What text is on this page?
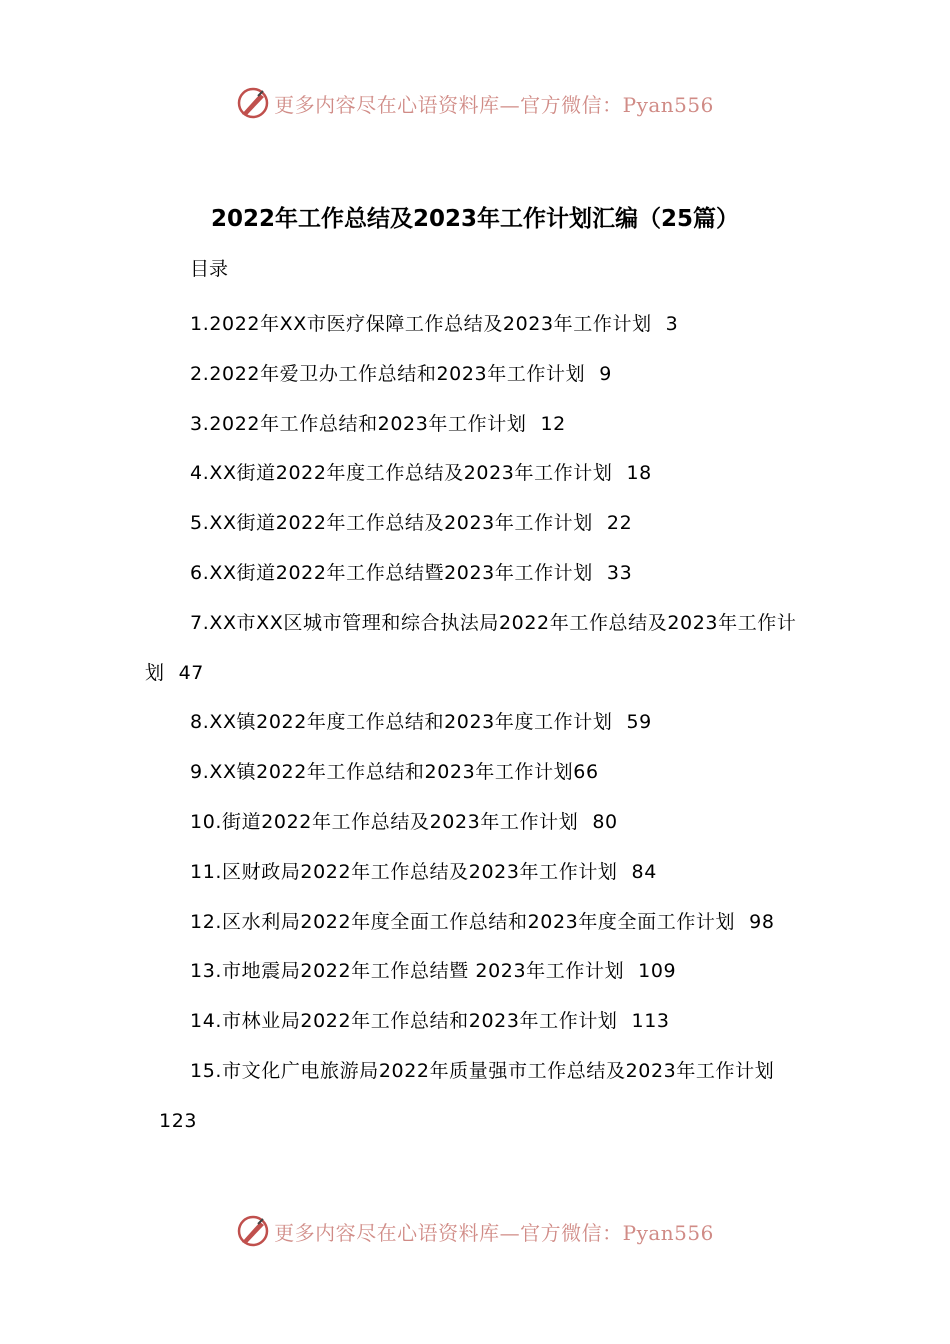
更多内容尽在心语资料库—官方微信：Pyan556
2022年工作总结及2023年工作计划汇编（25篇）
目录
1.2022年XX市医疗保障工作总结及2023年工作计划 3
2.2022年爱卫办工作总结和2023年工作计划 9
3.2022年工作总结和2023年工作计划 12
4.XX街道2022年度工作总结及2023年工作计划 18
5.XX街道2022年工作总结及2023年工作计划 22
6.XX街道2022年工作总结暨2023年工作计划 33
7.XX市XX区城市管理和综合执法局2022年工作总结及2023年工作计划 47
8.XX镇2022年度工作总结和2023年度工作计划 59
9.XX镇2022年工作总结和2023年工作计划66
10.街道2022年工作总结及2023年工作计划 80
11.区财政局2022年工作总结及2023年工作计划 84
12.区水利局2022年度全面工作总结和2023年度全面工作计划 98
13.市地震局2022年工作总结暨 2023年工作计划 109
14.市林业局2022年工作总结和2023年工作计划 113
15.市文化广电旅游局2022年质量强市工作总结及2023年工作计划123
更多内容尽在心语资料库—官方微信：Pyan556
